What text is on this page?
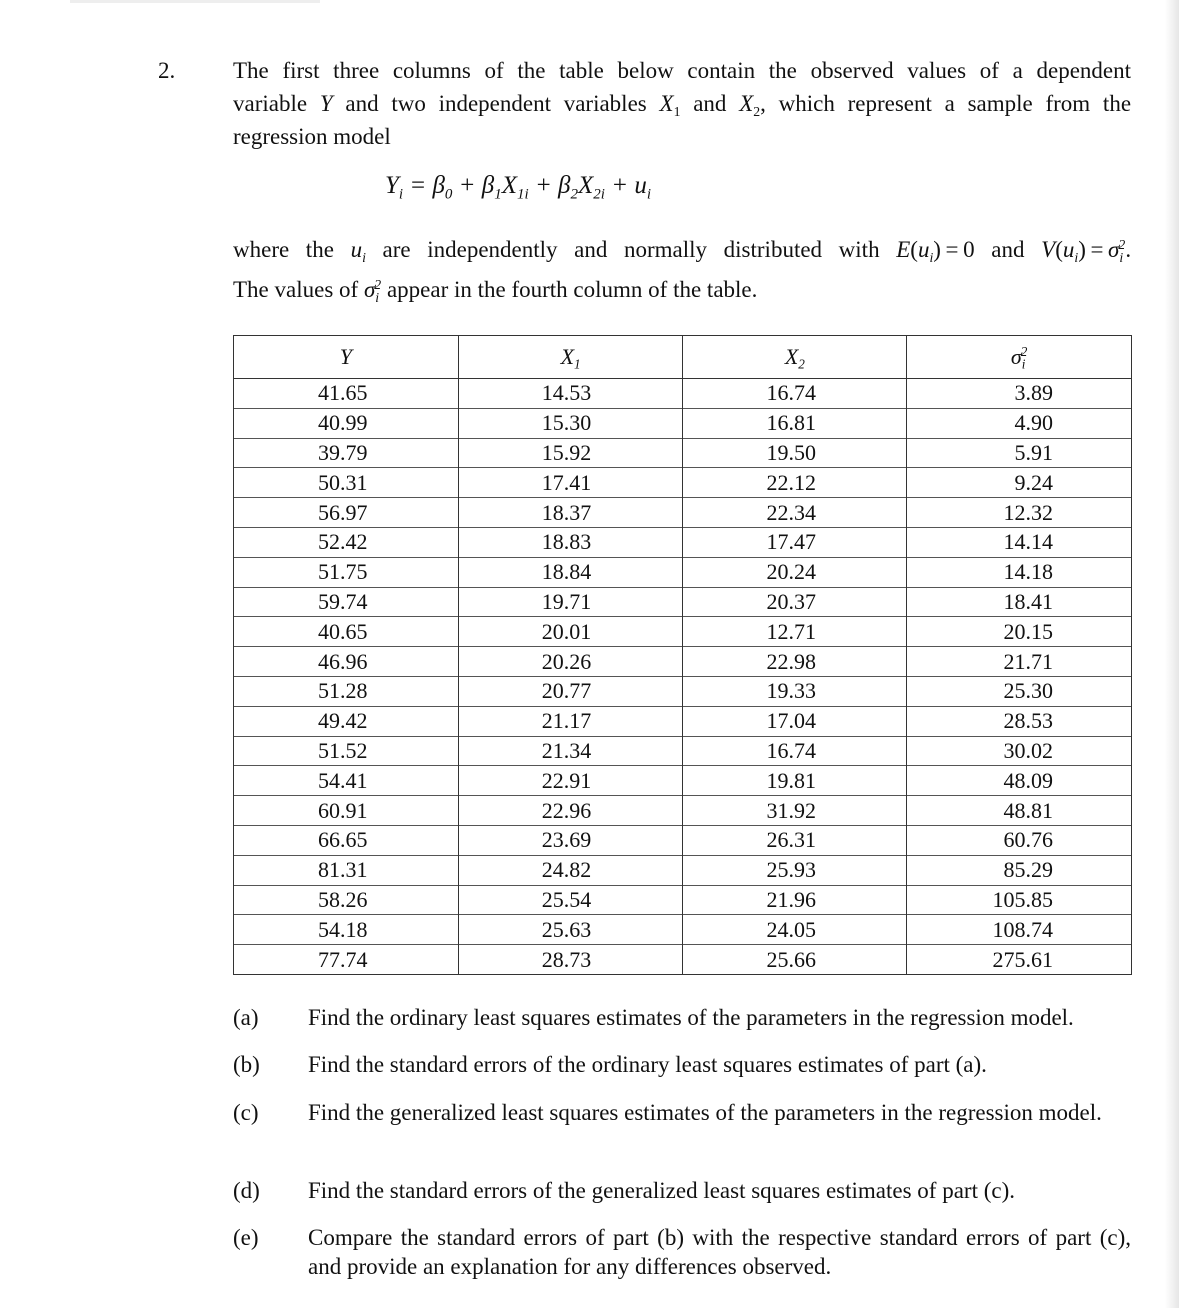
2.	The first three columns of the table below contain the observed values of a dependent
variable Y and two independent variables $X_1$ and $X_2$, which represent a sample from the
regression model
$Y_i = \beta_0 + \beta_1X_{1i} + \beta_2X_{2i} + u_i$
where the $u_i$ are independently and normally distributed with $E(u_i) = 0$ and $V(u_i) = \sigma_i^2$.
The values of $\sigma_i^2$ appear in the fourth column of the table.
Y	$X_1$	$X_2$	$\sigma_i^2$
41.65	14.53	16.74	3.89
40.99	15.30	16.81	4.90
39.79	15.92	19.50	5.91
50.31	17.41	22.12	9.24
56.97	18.37	22.34	12.32
52.42	18.83	17.47	14.14
51.75	18.84	20.24	14.18
59.74	19.71	20.37	18.41
40.65	20.01	12.71	20.15
46.96	20.26	22.98	21.71
51.28	20.77	19.33	25.30
49.42	21.17	17.04	28.53
51.52	21.34	16.74	30.02
54.41	22.91	19.81	48.09
60.91	22.96	31.92	48.81
66.65	23.69	26.31	60.76
81.31	24.82	25.93	85.29
58.26	25.54	21.96	105.85
54.18	25.63	24.05	108.74
77.74	28.73	25.66	275.61
(a) Find the ordinary least squares estimates of the parameters in the regression model.
(b) Find the standard errors of the ordinary least squares estimates of part (a).
(c) Find the generalized least squares estimates of the parameters in the regression model.
(d) Find the standard errors of the generalized least squares estimates of part (c).
(e) Compare the standard errors of part (b) with the respective standard errors of part (c), and provide an explanation for any differences observed.
